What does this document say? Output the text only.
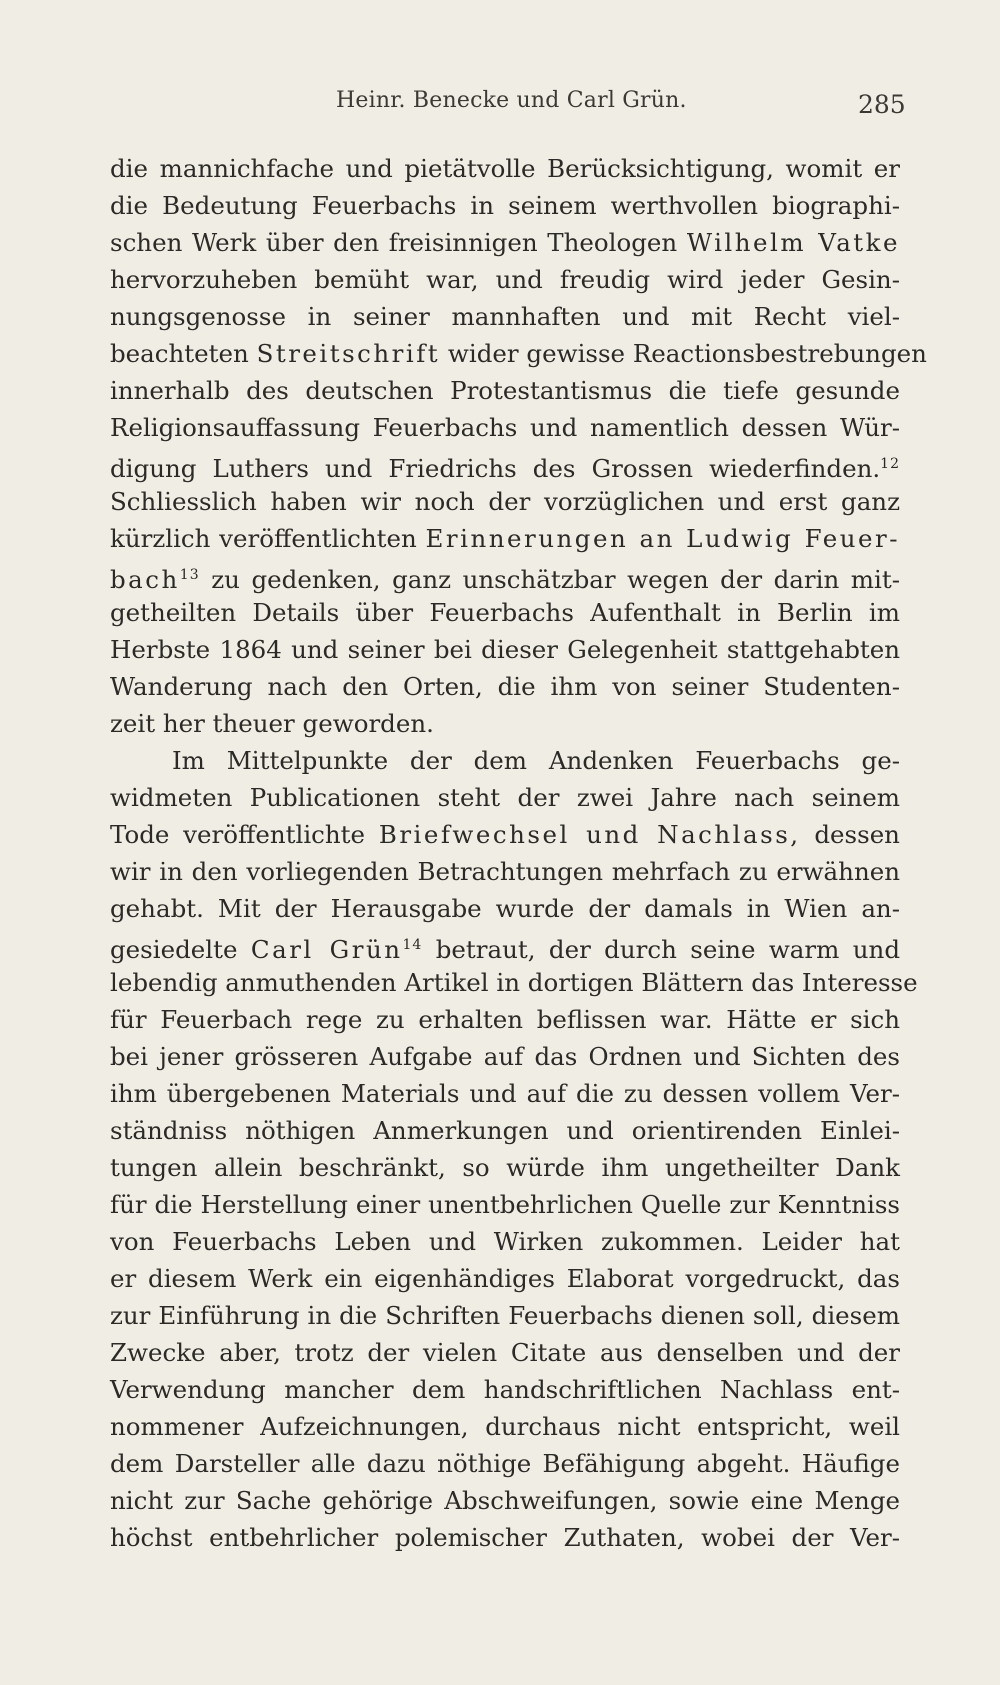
Heinr. Benecke und Carl Grün.	285
die mannichfache und pietätvolle Berücksichtigung, womit er
die Bedeutung Feuerbachs in seinem werthvollen biographi-
schen Werk über den freisinnigen Theologen Wilhelm Vatke
hervorzuheben bemüht war, und freudig wird jeder Gesin-
nungsgenosse in seiner mannhaften und mit Recht viel-
beachteten Streitschrift wider gewisse Reactionsbestrebungen
innerhalb des deutschen Protestantismus die tiefe gesunde
Religionsauffassung Feuerbachs und namentlich dessen Wür-
digung Luthers und Friedrichs des Grossen wiederfinden.$^{12}$
Schliesslich haben wir noch der vorzüglichen und erst ganz
kürzlich veröffentlichten Erinnerungen an Ludwig Feuer-
bach$^{13}$ zu gedenken, ganz unschätzbar wegen der darin mit-
getheilten Details über Feuerbachs Aufenthalt in Berlin im
Herbste 1864 und seiner bei dieser Gelegenheit stattgehabten
Wanderung nach den Orten, die ihm von seiner Studenten-
zeit her theuer geworden.
Im Mittelpunkte der dem Andenken Feuerbachs ge-
widmeten Publicationen steht der zwei Jahre nach seinem
Tode veröffentlichte Briefwechsel und Nachlass, dessen
wir in den vorliegenden Betrachtungen mehrfach zu erwähnen
gehabt. Mit der Herausgabe wurde der damals in Wien an-
gesiedelte Carl Grün$^{14}$ betraut, der durch seine warm und
lebendig anmuthenden Artikel in dortigen Blättern das Interesse
für Feuerbach rege zu erhalten beflissen war. Hätte er sich
bei jener grösseren Aufgabe auf das Ordnen und Sichten des
ihm übergebenen Materials und auf die zu dessen vollem Ver-
ständniss nöthigen Anmerkungen und orientirenden Einlei-
tungen allein beschränkt, so würde ihm ungetheilter Dank
für die Herstellung einer unentbehrlichen Quelle zur Kenntniss
von Feuerbachs Leben und Wirken zukommen. Leider hat
er diesem Werk ein eigenhändiges Elaborat vorgedruckt, das
zur Einführung in die Schriften Feuerbachs dienen soll, diesem
Zwecke aber, trotz der vielen Citate aus denselben und der
Verwendung mancher dem handschriftlichen Nachlass ent-
nommener Aufzeichnungen, durchaus nicht entspricht, weil
dem Darsteller alle dazu nöthige Befähigung abgeht. Häufige
nicht zur Sache gehörige Abschweifungen, sowie eine Menge
höchst entbehrlicher polemischer Zuthaten, wobei der Ver-
